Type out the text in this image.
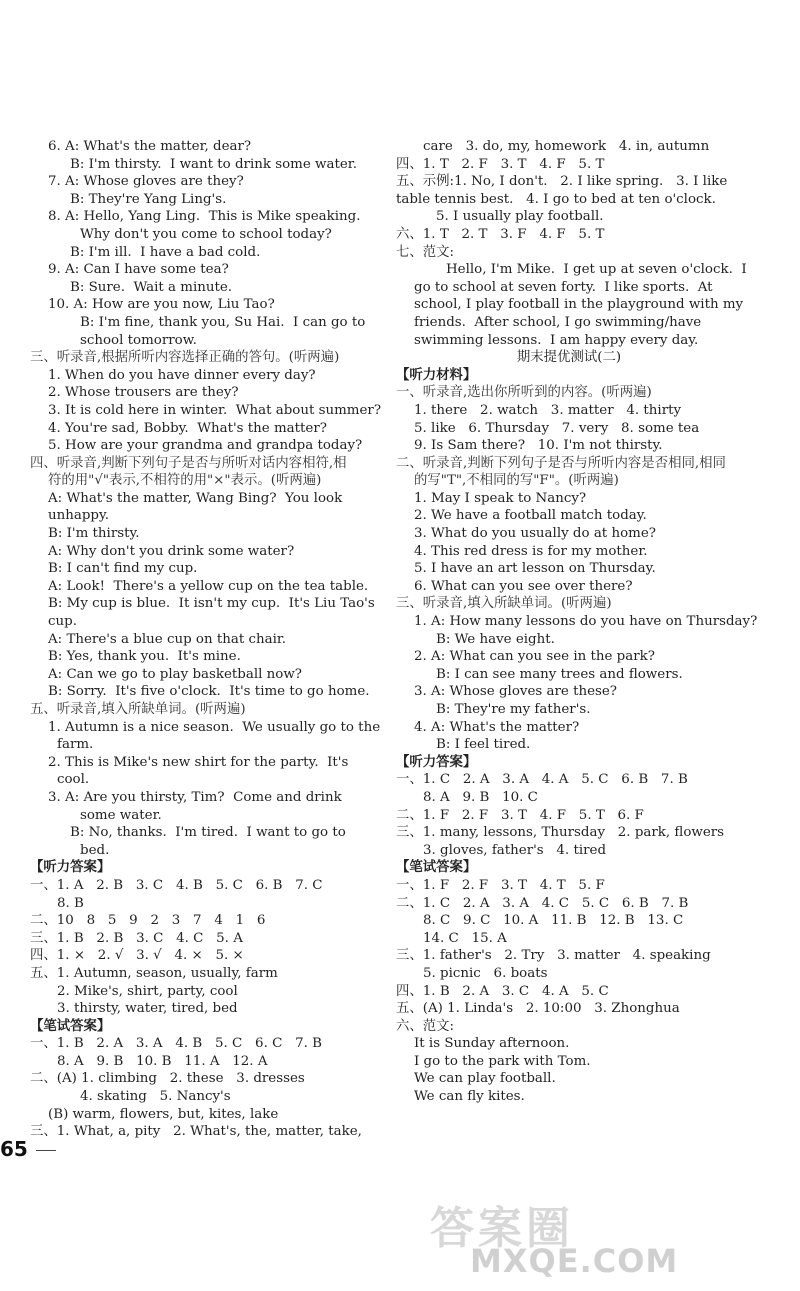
6. A: What's the matter, dear?
B: I'm thirsty.  I want to drink some water.
7. A: Whose gloves are they?
B: They're Yang Ling's.
8. A: Hello, Yang Ling.  This is Mike speaking.
Why don't you come to school today?
B: I'm ill.  I have a bad cold.
9. A: Can I have some tea?
B: Sure.  Wait a minute.
10. A: How are you now, Liu Tao?
B: I'm fine, thank you, Su Hai.  I can go to
school tomorrow.
三、听录音,根据所听内容选择正确的答句。(听两遍)
1. When do you have dinner every day?
2. Whose trousers are they?
3. It is cold here in winter.  What about summer?
4. You're sad, Bobby.  What's the matter?
5. How are your grandma and grandpa today?
四、听录音,判断下列句子是否与所听对话内容相符,相
符的用"√"表示,不相符的用"×"表示。(听两遍)
A: What's the matter, Wang Bing?  You look
unhappy.
B: I'm thirsty.
A: Why don't you drink some water?
B: I can't find my cup.
A: Look!  There's a yellow cup on the tea table.
B: My cup is blue.  It isn't my cup.  It's Liu Tao's
cup.
A: There's a blue cup on that chair.
B: Yes, thank you.  It's mine.
A: Can we go to play basketball now?
B: Sorry.  It's five o'clock.  It's time to go home.
五、听录音,填入所缺单词。(听两遍)
1. Autumn is a nice season.  We usually go to the
farm.
2. This is Mike's new shirt for the party.  It's
cool.
3. A: Are you thirsty, Tim?  Come and drink
some water.
B: No, thanks.  I'm tired.  I want to go to
bed.
【听力答案】
一、1. A   2. B   3. C   4. B   5. C   6. B   7. C
8. B
二、10   8   5   9   2   3   7   4   1   6
三、1. B   2. B   3. C   4. C   5. A
四、1. ×   2. √   3. √   4. ×   5. ×
五、1. Autumn, season, usually, farm
2. Mike's, shirt, party, cool
3. thirsty, water, tired, bed
【笔试答案】
一、1. B   2. A   3. A   4. B   5. C   6. C   7. B
8. A   9. B   10. B   11. A   12. A
二、(A) 1. climbing   2. these   3. dresses
4. skating   5. Nancy's
(B) warm, flowers, but, kites, lake
三、1. What, a, pity   2. What's, the, matter, take,
care   3. do, my, homework   4. in, autumn
四、1. T   2. F   3. T   4. F   5. T
五、示例:1. No, I don't.   2. I like spring.   3. I like
table tennis best.   4. I go to bed at ten o'clock.
5. I usually play football.
六、1. T   2. T   3. F   4. F   5. T
七、范文:
Hello, I'm Mike.  I get up at seven o'clock.  I
go to school at seven forty.  I like sports.  At
school, I play football in the playground with my
friends.  After school, I go swimming/have
swimming lessons.  I am happy every day.
期末提优测试(二)
【听力材料】
一、听录音,选出你所听到的内容。(听两遍)
1. there   2. watch   3. matter   4. thirty
5. like   6. Thursday   7. very   8. some tea
9. Is Sam there?   10. I'm not thirsty.
二、听录音,判断下列句子是否与所听内容是否相同,相同
的写"T",不相同的写"F"。(听两遍)
1. May I speak to Nancy?
2. We have a football match today.
3. What do you usually do at home?
4. This red dress is for my mother.
5. I have an art lesson on Thursday.
6. What can you see over there?
三、听录音,填入所缺单词。(听两遍)
1. A: How many lessons do you have on Thursday?
B: We have eight.
2. A: What can you see in the park?
B: I can see many trees and flowers.
3. A: Whose gloves are these?
B: They're my father's.
4. A: What's the matter?
B: I feel tired.
【听力答案】
一、1. C   2. A   3. A   4. A   5. C   6. B   7. B
8. A   9. B   10. C
二、1. F   2. F   3. T   4. F   5. T   6. F
三、1. many, lessons, Thursday   2. park, flowers
3. gloves, father's   4. tired
【笔试答案】
一、1. F   2. F   3. T   4. T   5. F
二、1. C   2. A   3. A   4. C   5. C   6. B   7. B
8. C   9. C   10. A   11. B   12. B   13. C
14. C   15. A
三、1. father's   2. Try   3. matter   4. speaking
5. picnic   6. boats
四、1. B   2. A   3. C   4. A   5. C
五、(A) 1. Linda's   2. 10:00   3. Zhonghua
六、范文:
It is Sunday afternoon.
I go to the park with Tom.
We can play football.
We can fly kites.
65
答案圈
MXQE.COM
